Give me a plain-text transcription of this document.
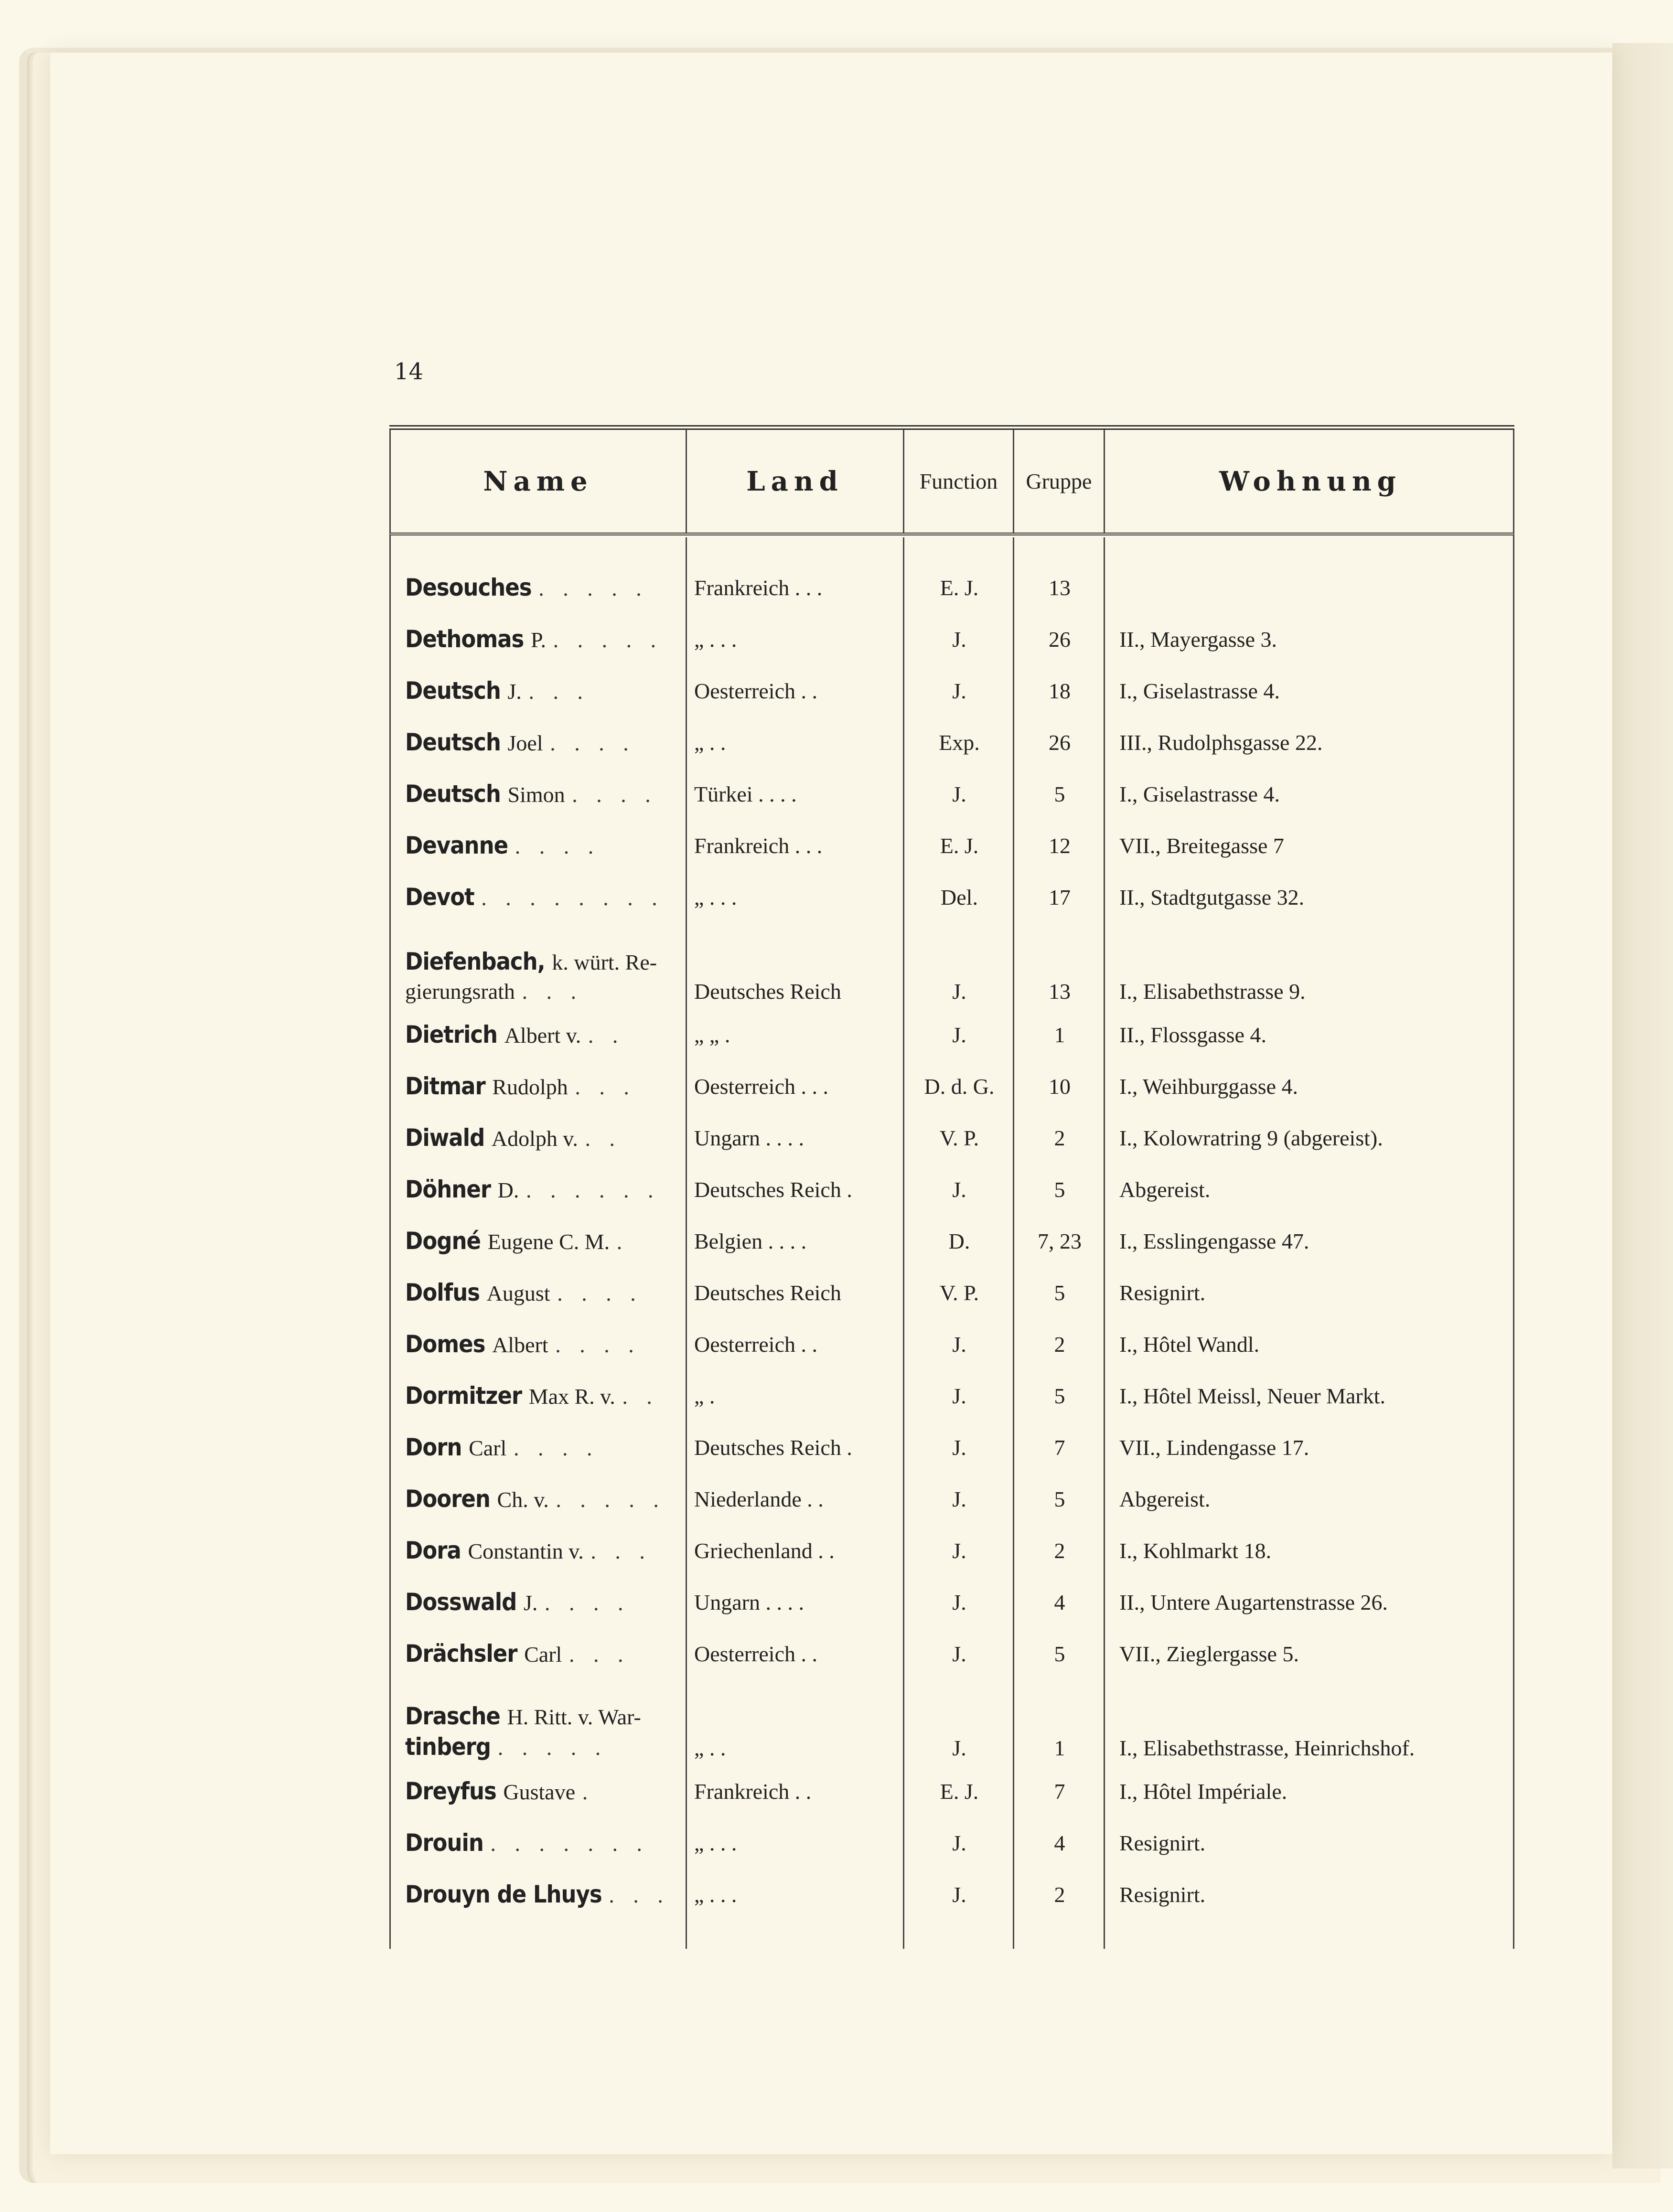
14
Name	Land	Function	Gruppe	Wohnung
Desouches . . . . .	Frankreich . . .	E. J.	13
Dethomas P. . . . . .	„ . . .	J.	26	II., Mayergasse 3.
Deutsch J. . . .	Oesterreich . .	J.	18	I., Giselastrasse 4.
Deutsch Joel . . . .	„ . .	Exp.	26	III., Rudolphsgasse 22.
Deutsch Simon . . . .	Türkei . . . .	J.	5	I., Giselastrasse 4.
Devanne . . . .	Frankreich . . .	E. J.	12	VII., Breitegasse 7
Devot . . . . . . . .	„ . . .	Del.	17	II., Stadtgutgasse 32.
Diefenbach, k. würt. Re-
gierungsrath . . .	Deutsches Reich	J.	13	I., Elisabethstrasse 9.
Dietrich Albert v. . .	„ „ .	J.	1	II., Flossgasse 4.
Ditmar Rudolph . . .	Oesterreich . . .	D. d. G.	10	I., Weihburggasse 4.
Diwald Adolph v. . .	Ungarn . . . .	V. P.	2	I., Kolowratring 9 (abgereist).
Döhner D. . . . . . .	Deutsches Reich .	J.	5	Abgereist.
Dogné Eugene C. M. .	Belgien . . . .	D.	7, 23	I., Esslingengasse 47.
Dolfus August . . . .	Deutsches Reich	V. P.	5	Resignirt.
Domes Albert . . . .	Oesterreich . .	J.	2	I., Hôtel Wandl.
Dormitzer Max R. v. . .	„ .	J.	5	I., Hôtel Meissl, Neuer Markt.
Dorn Carl . . . .	Deutsches Reich .	J.	7	VII., Lindengasse 17.
Dooren Ch. v. . . . . .	Niederlande . .	J.	5	Abgereist.
Dora Constantin v. . . .	Griechenland . .	J.	2	I., Kohlmarkt 18.
Dosswald J. . . . .	Ungarn . . . .	J.	4	II., Untere Augartenstrasse 26.
Drächsler Carl . . .	Oesterreich . .	J.	5	VII., Zieglergasse 5.
Drasche H. Ritt. v. War-
tinberg . . . . .	„ . .	J.	1	I., Elisabethstrasse, Heinrichshof.
Dreyfus Gustave .	Frankreich . .	E. J.	7	I., Hôtel Impériale.
Drouin . . . . . . .	„ . . .	J.	4	Resignirt.
Drouyn de Lhuys . . .	„ . . .	J.	2	Resignirt.
